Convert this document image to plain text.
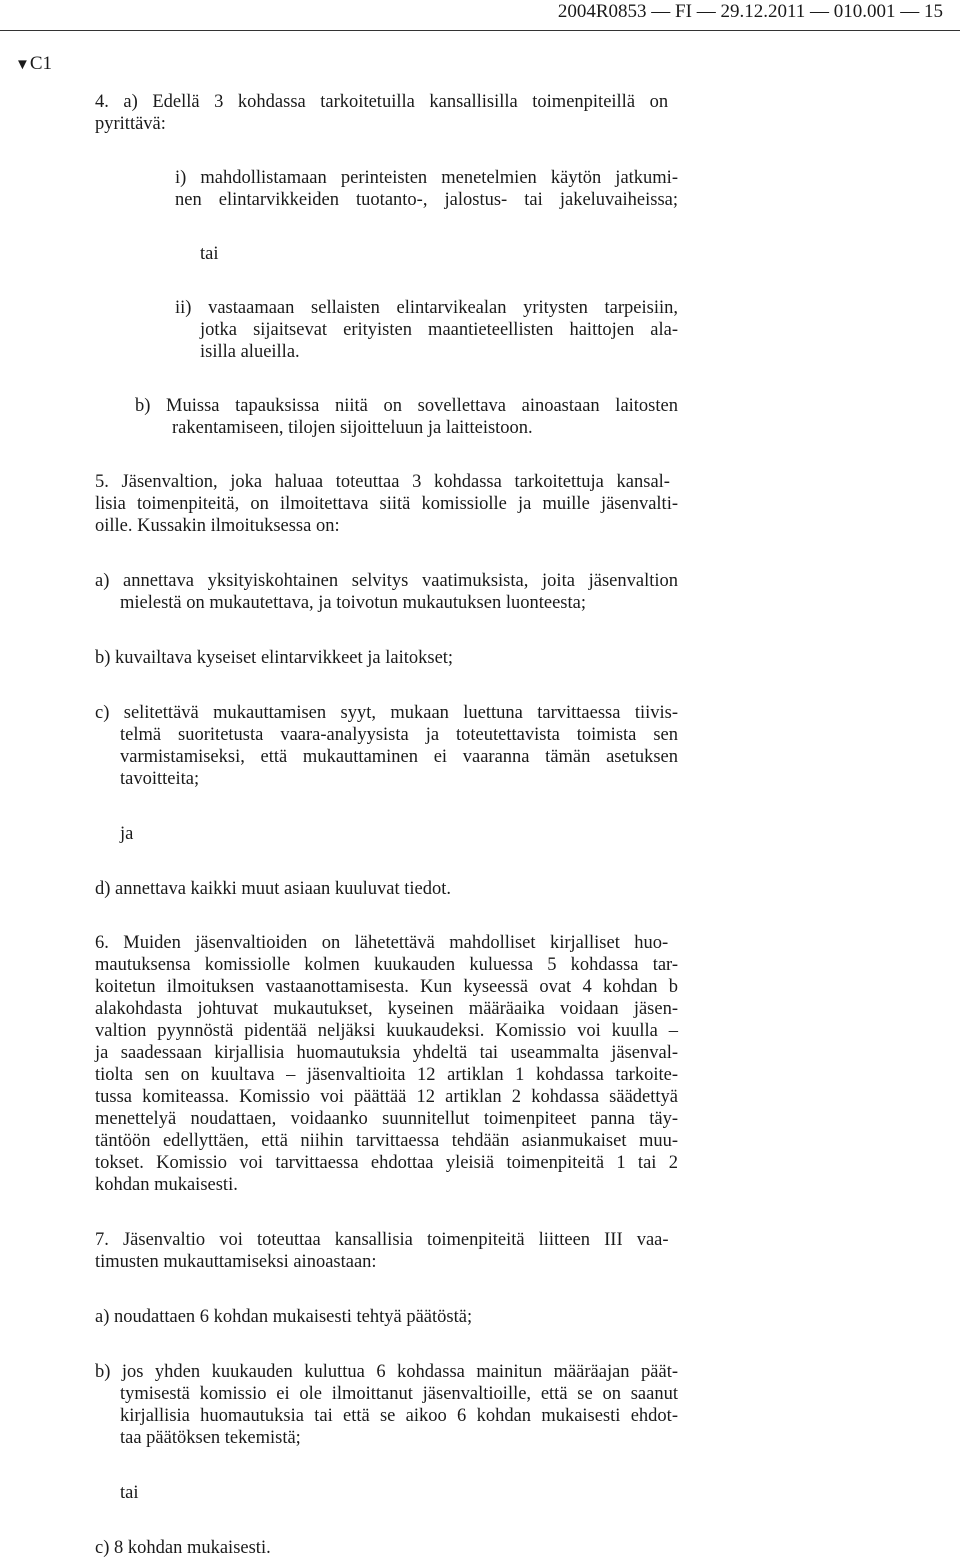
2004R0853 — FI — 29.12.2011 — 010.001 — 15
▼C1
4. a) Edellä 3 kohdassa tarkoitetuilla kansallisilla toimenpiteillä on
pyrittävä:
i) mahdollistamaan perinteisten menetelmien käytön jatkumi-
nen elintarvikkeiden tuotanto-, jalostus- tai jakeluvaiheissa;
tai
ii) vastaamaan sellaisten elintarvikealan yritysten tarpeisiin,
jotka sijaitsevat erityisten maantieteellisten haittojen ala-
isilla alueilla.
b) Muissa tapauksissa niitä on sovellettava ainoastaan laitosten
rakentamiseen, tilojen sijoitteluun ja laitteistoon.
5. Jäsenvaltion, joka haluaa toteuttaa 3 kohdassa tarkoitettuja kansal-
lisia toimenpiteitä, on ilmoitettava siitä komissiolle ja muille jäsenvalti-
oille. Kussakin ilmoituksessa on:
a) annettava yksityiskohtainen selvitys vaatimuksista, joita jäsenvaltion
mielestä on mukautettava, ja toivotun mukautuksen luonteesta;
b) kuvailtava kyseiset elintarvikkeet ja laitokset;
c) selitettävä mukauttamisen syyt, mukaan luettuna tarvittaessa tiivis-
telmä suoritetusta vaara-analyysista ja toteutettavista toimista sen
varmistamiseksi, että mukauttaminen ei vaaranna tämän asetuksen
tavoitteita;
ja
d) annettava kaikki muut asiaan kuuluvat tiedot.
6. Muiden jäsenvaltioiden on lähetettävä mahdolliset kirjalliset huo-
mautuksensa komissiolle kolmen kuukauden kuluessa 5 kohdassa tar-
koitetun ilmoituksen vastaanottamisesta. Kun kyseessä ovat 4 kohdan b
alakohdasta johtuvat mukautukset, kyseinen määräaika voidaan jäsen-
valtion pyynnöstä pidentää neljäksi kuukaudeksi. Komissio voi kuulla –
ja saadessaan kirjallisia huomautuksia yhdeltä tai useammalta jäsenval-
tiolta sen on kuultava – jäsenvaltioita 12 artiklan 1 kohdassa tarkoite-
tussa komiteassa. Komissio voi päättää 12 artiklan 2 kohdassa säädettyä
menettelyä noudattaen, voidaanko suunnitellut toimenpiteet panna täy-
täntöön edellyttäen, että niihin tarvittaessa tehdään asianmukaiset muu-
tokset. Komissio voi tarvittaessa ehdottaa yleisiä toimenpiteitä 1 tai 2
kohdan mukaisesti.
7. Jäsenvaltio voi toteuttaa kansallisia toimenpiteitä liitteen III vaa-
timusten mukauttamiseksi ainoastaan:
a) noudattaen 6 kohdan mukaisesti tehtyä päätöstä;
b) jos yhden kuukauden kuluttua 6 kohdassa mainitun määräajan päät-
tymisestä komissio ei ole ilmoittanut jäsenvaltioille, että se on saanut
kirjallisia huomautuksia tai että se aikoo 6 kohdan mukaisesti ehdot-
taa päätöksen tekemistä;
tai
c) 8 kohdan mukaisesti.
